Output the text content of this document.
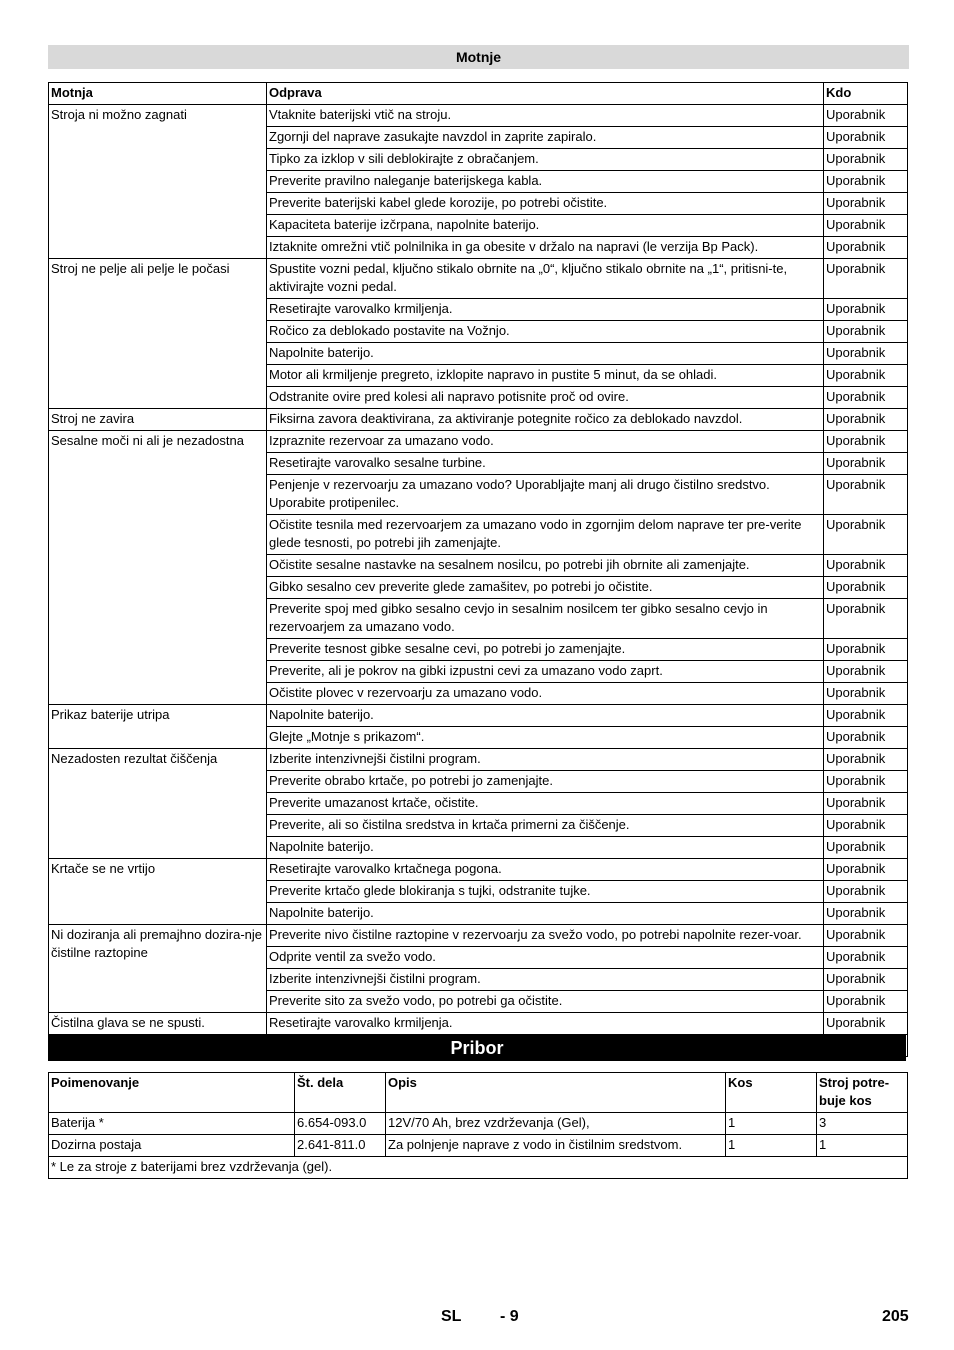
Motnje
Motnja	Odprava	Kdo
Stroja ni možno zagnati	Vtaknite baterijski vtič na stroju.	Uporabnik
	Zgornji del naprave zasukajte navzdol in zaprite zapiralo.	Uporabnik
	Tipko za izklop v sili deblokirajte z obračanjem.	Uporabnik
	Preverite pravilno naleganje baterijskega kabla.	Uporabnik
	Preverite baterijski kabel glede korozije, po potrebi očistite.	Uporabnik
	Kapaciteta baterije izčrpana, napolnite baterijo.	Uporabnik
	Iztaknite omrežni vtič polnilnika in ga obesite v držalo na napravi (le verzija Bp Pack).	Uporabnik
Stroj ne pelje ali pelje le počasi	Spustite vozni pedal, ključno stikalo obrnite na „0“, ključno stikalo obrnite na „1“, pritisni-te, aktivirajte vozni pedal.	Uporabnik
	Resetirajte varovalko krmiljenja.	Uporabnik
	Ročico za deblokado postavite na Vožnjo.	Uporabnik
	Napolnite baterijo.	Uporabnik
	Motor ali krmiljenje pregreto, izklopite napravo in pustite 5 minut, da se ohladi.	Uporabnik
	Odstranite ovire pred kolesi ali napravo potisnite proč od ovire.	Uporabnik
Stroj ne zavira	Fiksirna zavora deaktivirana, za aktiviranje potegnite ročico za deblokado navzdol.	Uporabnik
Sesalne moči ni ali je nezadostna	Izpraznite rezervoar za umazano vodo.	Uporabnik
	Resetirajte varovalko sesalne turbine.	Uporabnik
	Penjenje v rezervoarju za umazano vodo? Uporabljajte manj ali drugo čistilno sredstvo. Uporabite protipenilec.	Uporabnik
	Očistite tesnila med rezervoarjem za umazano vodo in zgornjim delom naprave ter pre-verite glede tesnosti, po potrebi jih zamenjajte.	Uporabnik
	Očistite sesalne nastavke na sesalnem nosilcu, po potrebi jih obrnite ali zamenjajte.	Uporabnik
	Gibko sesalno cev preverite glede zamašitev, po potrebi jo očistite.	Uporabnik
	Preverite spoj med gibko sesalno cevjo in sesalnim nosilcem ter gibko sesalno cevjo in rezervoarjem za umazano vodo.	Uporabnik
	Preverite tesnost gibke sesalne cevi, po potrebi jo zamenjajte.	Uporabnik
	Preverite, ali je pokrov na gibki izpustni cevi za umazano vodo zaprt.	Uporabnik
	Očistite plovec v rezervoarju za umazano vodo.	Uporabnik
Prikaz baterije utripa	Napolnite baterijo.	Uporabnik
	Glejte „Motnje s prikazom“.	Uporabnik
Nezadosten rezultat čiščenja	Izberite intenzivnejši čistilni program.	Uporabnik
	Preverite obrabo krtače, po potrebi jo zamenjajte.	Uporabnik
	Preverite umazanost krtače, očistite.	Uporabnik
	Preverite, ali so čistilna sredstva in krtača primerni za čiščenje.	Uporabnik
	Napolnite baterijo.	Uporabnik
Krtače se ne vrtijo	Resetirajte varovalko krtačnega pogona.	Uporabnik
	Preverite krtačo glede blokiranja s tujki, odstranite tujke.	Uporabnik
	Napolnite baterijo.	Uporabnik
Ni doziranja ali premajhno dozira-nje čistilne raztopine	Preverite nivo čistilne raztopine v rezervoarju za svežo vodo, po potrebi napolnite rezer-voar.	Uporabnik
	Odprite ventil za svežo vodo.	Uporabnik
	Izberite intenzivnejši čistilni program.	Uporabnik
	Preverite sito za svežo vodo, po potrebi ga očistite.	Uporabnik
Čistilna glava se ne spusti.	Resetirajte varovalko krmiljenja.	Uporabnik

Pribor
Poimenovanje	Št. dela	Opis	Kos	Stroj potre-buje kos
Baterija *	6.654-093.0	12V/70 Ah, brez vzdrževanja (Gel),	1	3
Dozirna postaja	2.641-811.0	Za polnjenje naprave z vodo in čistilnim sredstvom.	1	1
* Le za stroje z baterijami brez vzdrževanja (gel).				
SL - 9	205
